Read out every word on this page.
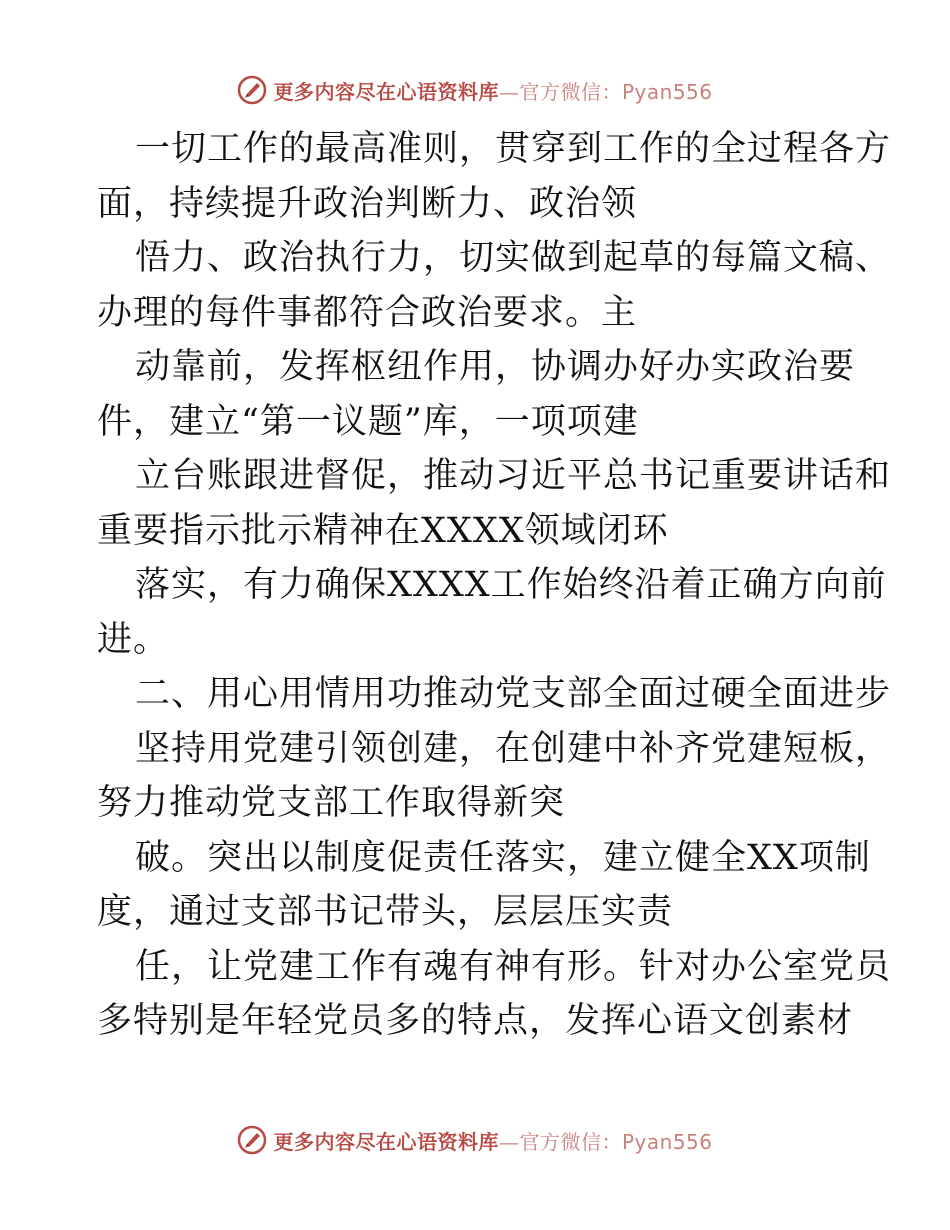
更多内容尽在心语资料库—官方微信：Pyan556
一切工作的最高准则，贯穿到工作的全过程各方
面，持续提升政治判断力、政治领
悟力、政治执行力，切实做到起草的每篇文稿、
办理的每件事都符合政治要求。主
动靠前，发挥枢纽作用，协调办好办实政治要
件，建立“第一议题”库，一项项建
立台账跟进督促，推动习近平总书记重要讲话和
重要指示批示精神在XXXX领域闭环
落实，有力确保XXXX工作始终沿着正确方向前
进。
二、用心用情用功推动党支部全面过硬全面进步
坚持用党建引领创建，在创建中补齐党建短板，
努力推动党支部工作取得新突
破。突出以制度促责任落实，建立健全XX项制
度，通过支部书记带头，层层压实责
任，让党建工作有魂有神有形。针对办公室党员
多特别是年轻党员多的特点，发挥心语文创素材
更多内容尽在心语资料库—官方微信：Pyan556
